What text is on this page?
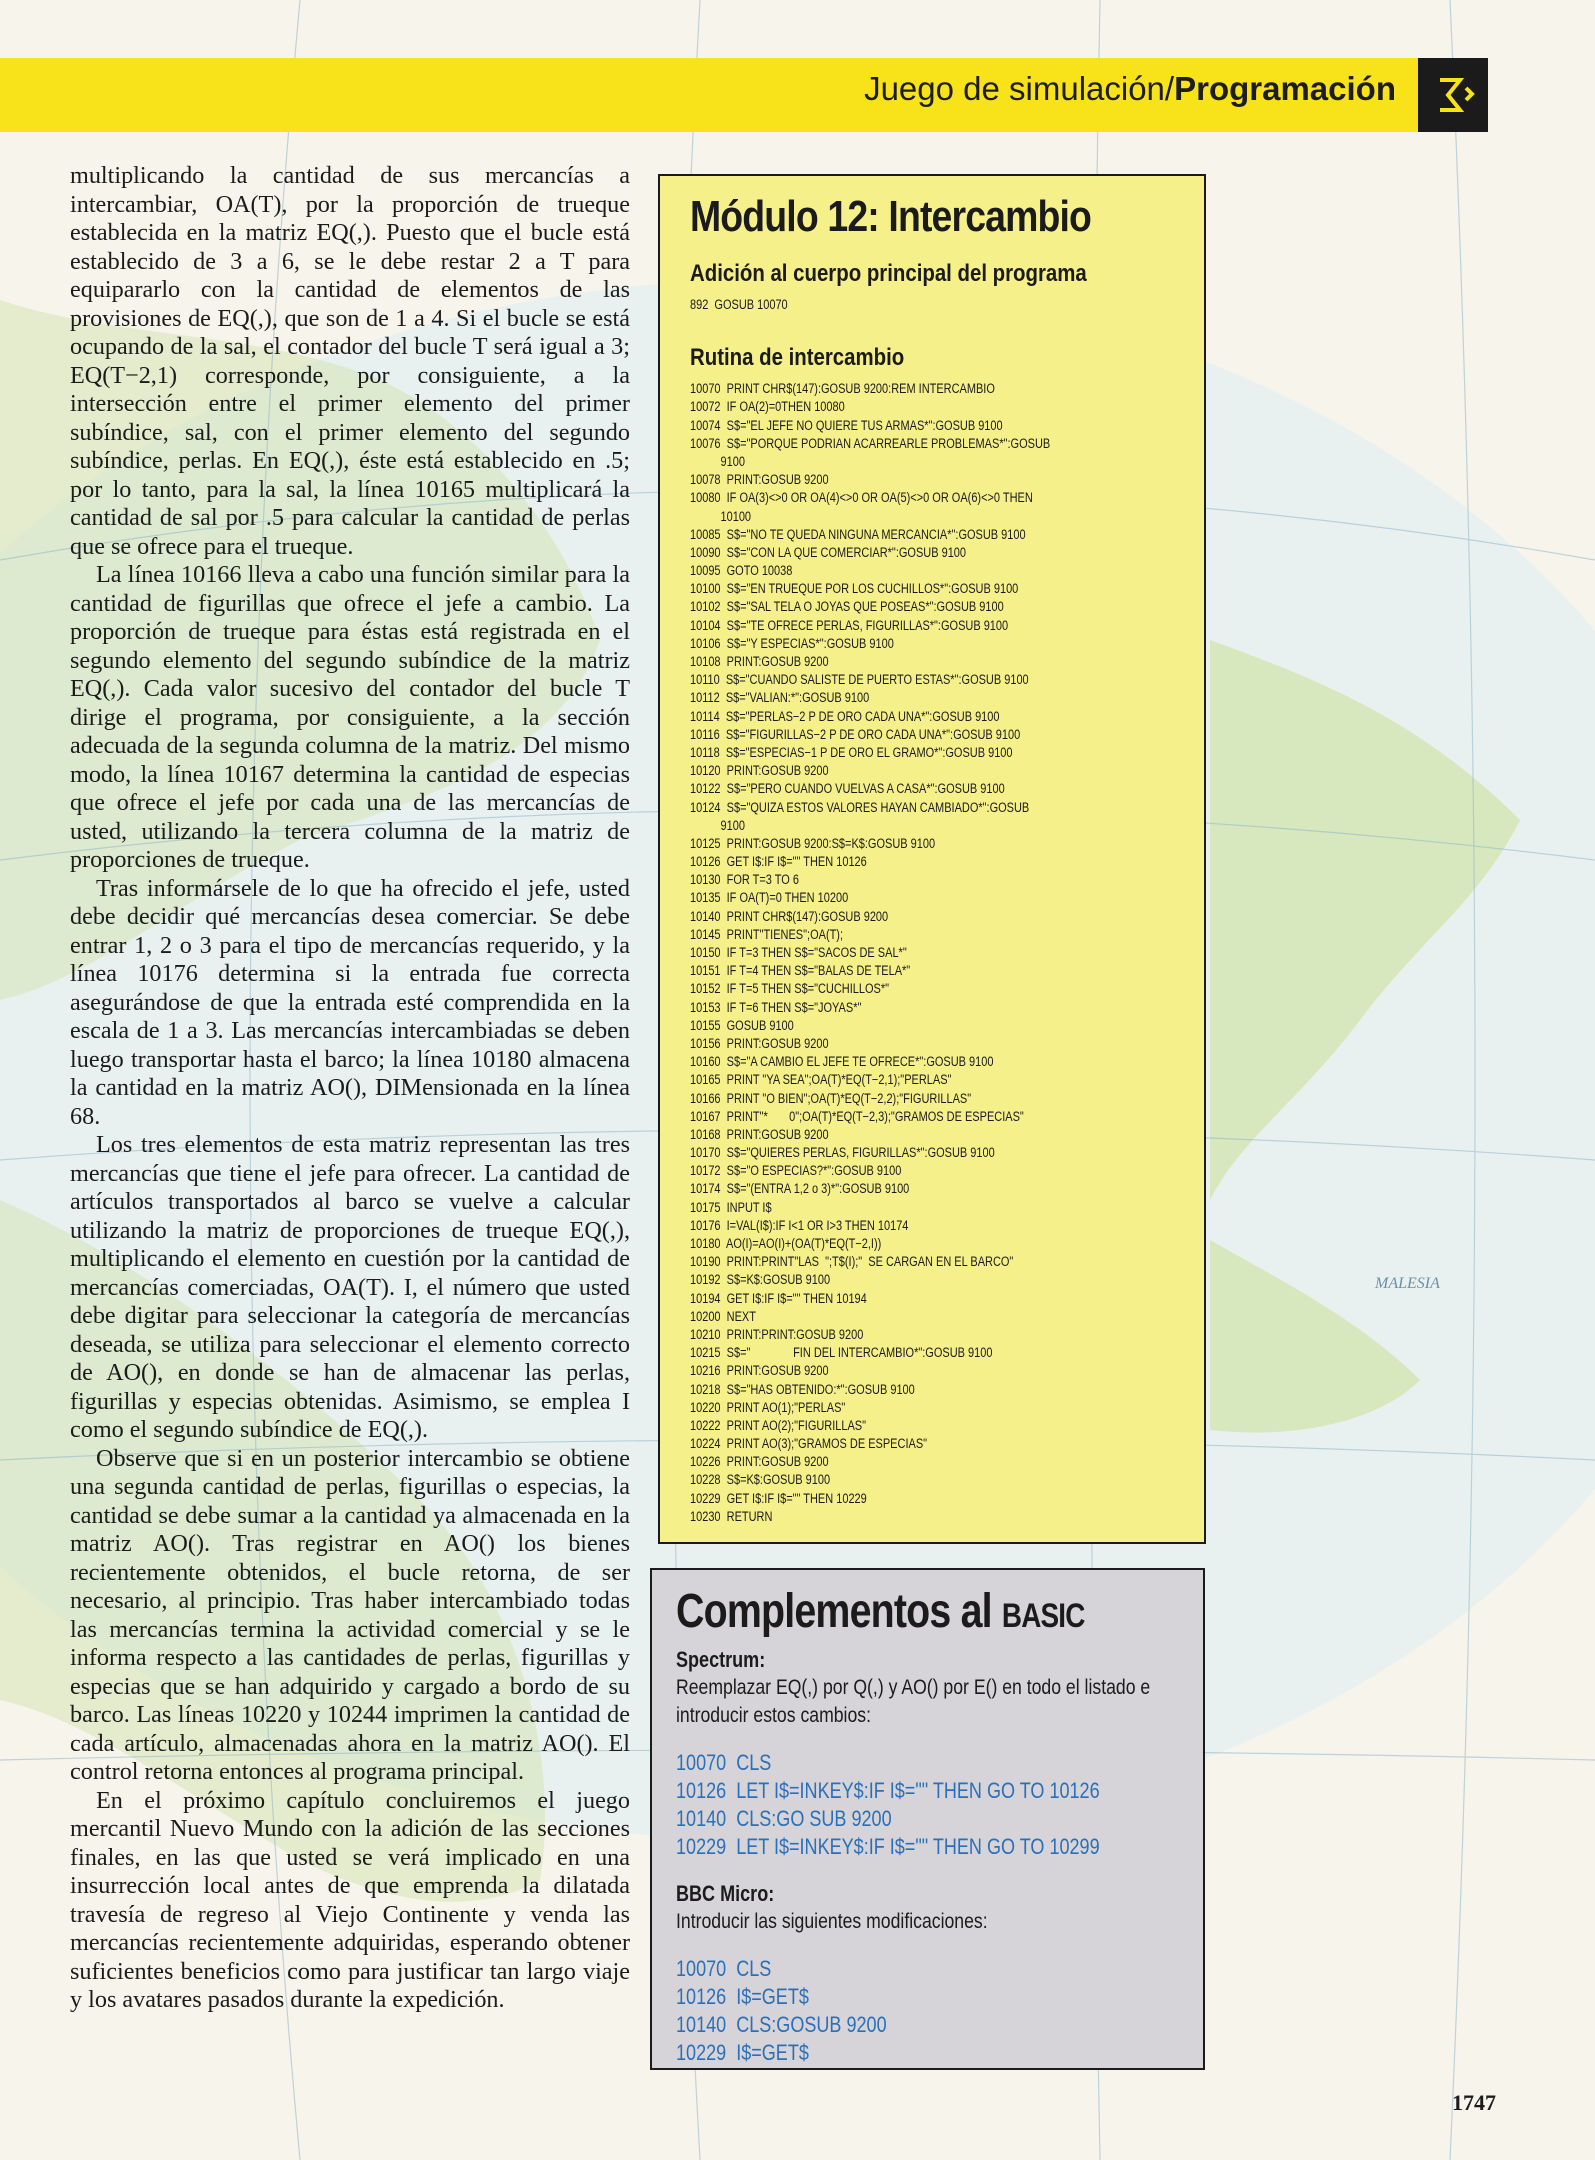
MALESIA
Juego de simulación/Programación

multiplicando la cantidad de sus mercancías a intercambiar, OA(T), por la proporción de trueque establecida en la matriz EQ(,). Puesto que el bucle está establecido de 3 a 6, se le debe restar 2 a T para equipararlo con la cantidad de elementos de las provisiones de EQ(,), que son de 1 a 4. Si el bucle se está ocupando de la sal, el contador del bucle T será igual a 3; EQ(T−2,1) corresponde, por consiguiente, a la intersección entre el primer elemento del primer subíndice, sal, con el primer elemento del segundo subíndice, perlas. En EQ(,), éste está establecido en .5; por lo tanto, para la sal, la línea 10165 multiplicará la cantidad de sal por .5 para calcular la cantidad de perlas que se ofrece para el trueque.

La línea 10166 lleva a cabo una función similar para la cantidad de figurillas que ofrece el jefe a cambio. La proporción de trueque para éstas está registrada en el segundo elemento del segundo subíndice de la matriz EQ(,). Cada valor sucesivo del contador del bucle T dirige el programa, por consiguiente, a la sección adecuada de la segunda columna de la matriz. Del mismo modo, la línea 10167 determina la cantidad de especias que ofrece el jefe por cada una de las mercancías de usted, utilizando la tercera columna de la matriz de proporciones de trueque.

Tras informársele de lo que ha ofrecido el jefe, usted debe decidir qué mercancías desea comerciar. Se debe entrar 1, 2 o 3 para el tipo de mercancías requerido, y la línea 10176 determina si la entrada fue correcta asegurándose de que la entrada esté comprendida en la escala de 1 a 3. Las mercancías intercambiadas se deben luego transportar hasta el barco; la línea 10180 almacena la cantidad en la matriz AO(), DIMensionada en la línea 68.

Los tres elementos de esta matriz representan las tres mercancías que tiene el jefe para ofrecer. La cantidad de artículos transportados al barco se vuelve a calcular utilizando la matriz de proporciones de trueque EQ(,), multiplicando el elemento en cuestión por la cantidad de mercancías comerciadas, OA(T). I, el número que usted debe digitar para seleccionar la categoría de mercancías deseada, se utiliza para seleccionar el elemento correcto de AO(), en donde se han de almacenar las perlas, figurillas y especias obtenidas. Asimismo, se emplea I como el segundo subíndice de EQ(,).

Observe que si en un posterior intercambio se obtiene una segunda cantidad de perlas, figurillas o especias, la cantidad se debe sumar a la cantidad ya almacenada en la matriz AO(). Tras registrar en AO() los bienes recientemente obtenidos, el bucle retorna, de ser necesario, al principio. Tras haber intercambiado todas las mercancías termina la actividad comercial y se le informa respecto a las cantidades de perlas, figurillas y especias que se han adquirido y cargado a bordo de su barco. Las líneas 10220 y 10244 imprimen la cantidad de cada artículo, almacenadas ahora en la matriz AO(). El control retorna entonces al programa principal.

En el próximo capítulo concluiremos el juego mercantil Nuevo Mundo con la adición de las secciones finales, en las que usted se verá implicado en una insurrección local antes de que emprenda la dilatada travesía de regreso al Viejo Continente y venda las mercancías recientemente adquiridas, esperando obtener suficientes beneficios como para justificar tan largo viaje y los avatares pasados durante la expedición.

Módulo 12: Intercambio
Adición al cuerpo principal del programa
892  GOSUB 10070
Rutina de intercambio
10070  PRINT CHR$(147):GOSUB 9200:REM INTERCAMBIO
10072  IF OA(2)=0THEN 10080
10074  S$="EL JEFE NO QUIERE TUS ARMAS*":GOSUB 9100
10076  S$="PORQUE PODRIAN ACARREARLE PROBLEMAS*":GOSUB
9100
10078  PRINT:GOSUB 9200
10080  IF OA(3)<>0 OR OA(4)<>0 OR OA(5)<>0 OR OA(6)<>0 THEN
10100
10085  S$="NO TE QUEDA NINGUNA MERCANCIA*":GOSUB 9100
10090  S$="CON LA QUE COMERCIAR*":GOSUB 9100
10095  GOTO 10038
10100  S$="EN TRUEQUE POR LOS CUCHILLOS*":GOSUB 9100
10102  S$="SAL TELA O JOYAS QUE POSEAS*":GOSUB 9100
10104  S$="TE OFRECE PERLAS, FIGURILLAS*":GOSUB 9100
10106  S$="Y ESPECIAS*":GOSUB 9100
10108  PRINT:GOSUB 9200
10110  S$="CUANDO SALISTE DE PUERTO ESTAS*":GOSUB 9100
10112  S$="VALIAN:*":GOSUB 9100
10114  S$="PERLAS−2 P DE ORO CADA UNA*":GOSUB 9100
10116  S$="FIGURILLAS−2 P DE ORO CADA UNA*":GOSUB 9100
10118  S$="ESPECIAS−1 P DE ORO EL GRAMO*":GOSUB 9100
10120  PRINT:GOSUB 9200
10122  S$="PERO CUANDO VUELVAS A CASA*":GOSUB 9100
10124  S$="QUIZA ESTOS VALORES HAYAN CAMBIADO*":GOSUB
9100
10125  PRINT:GOSUB 9200:S$=K$:GOSUB 9100
10126  GET I$:IF I$="" THEN 10126
10130  FOR T=3 TO 6
10135  IF OA(T)=0 THEN 10200
10140  PRINT CHR$(147):GOSUB 9200
10145  PRINT"TIENES";OA(T);
10150  IF T=3 THEN S$="SACOS DE SAL*"
10151  IF T=4 THEN S$="BALAS DE TELA*"
10152  IF T=5 THEN S$="CUCHILLOS*"
10153  IF T=6 THEN S$="JOYAS*"
10155  GOSUB 9100
10156  PRINT:GOSUB 9200
10160  S$="A CAMBIO EL JEFE TE OFRECE*":GOSUB 9100
10165  PRINT "YA SEA";OA(T)*EQ(T−2,1);"PERLAS"
10166  PRINT "O BIEN";OA(T)*EQ(T−2,2);"FIGURILLAS"
10167  PRINT"*       0";OA(T)*EQ(T−2,3);"GRAMOS DE ESPECIAS"
10168  PRINT:GOSUB 9200
10170  S$="QUIERES PERLAS, FIGURILLAS*":GOSUB 9100
10172  S$="O ESPECIAS?*":GOSUB 9100
10174  S$="(ENTRA 1,2 o 3)*":GOSUB 9100
10175  INPUT I$
10176  I=VAL(I$):IF I<1 OR I>3 THEN 10174
10180  AO(I)=AO(I)+(OA(T)*EQ(T−2,I))
10190  PRINT:PRINT"LAS  ";T$(I);"  SE CARGAN EN EL BARCO"
10192  S$=K$:GOSUB 9100
10194  GET I$:IF I$="" THEN 10194
10200  NEXT
10210  PRINT:PRINT:GOSUB 9200
10215  S$="              FIN DEL INTERCAMBIO*":GOSUB 9100
10216  PRINT:GOSUB 9200
10218  S$="HAS OBTENIDO:*":GOSUB 9100
10220  PRINT AO(1);"PERLAS"
10222  PRINT AO(2);"FIGURILLAS"
10224  PRINT AO(3);"GRAMOS DE ESPECIAS"
10226  PRINT:GOSUB 9200
10228  S$=K$:GOSUB 9100
10229  GET I$:IF I$="" THEN 10229
10230  RETURN
Complementos al BASIC
Spectrum:
Reemplazar EQ(,) por Q(,) y AO() por E() en todo el listado e introducir estos cambios:
10070  CLS
10126  LET I$=INKEY$:IF I$="" THEN GO TO 10126
10140  CLS:GO SUB 9200
10229  LET I$=INKEY$:IF I$="" THEN GO TO 10299
BBC Micro:
Introducir las siguientes modificaciones:
10070  CLS
10126  I$=GET$
10140  CLS:GOSUB 9200
10229  I$=GET$
1747
